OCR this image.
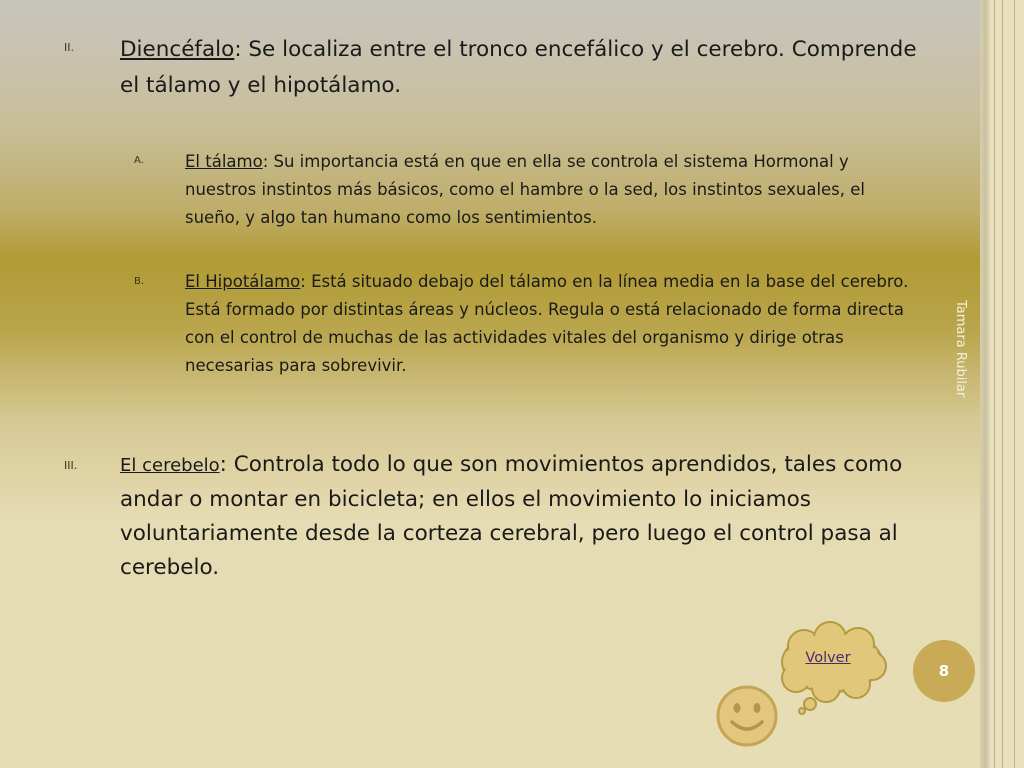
Tamara Rubilar
II. Diencéfalo: Se localiza entre el tronco encefálico y el cerebro. Comprende el tálamo y el hipotálamo.

A. El tálamo: Su importancia está en que en ella se controla el sistema Hormonal y nuestros instintos más básicos, como el hambre o la sed, los instintos sexuales, el sueño, y algo tan humano como los sentimientos.

B. El Hipotálamo: Está situado debajo del tálamo en la línea media en la base del cerebro. Está formado por distintas áreas y núcleos. Regula o está relacionado de forma directa con el control de muchas de las actividades vitales del organismo y dirige otras necesarias para sobrevivir.

III. El cerebelo: Controla todo lo que son movimientos aprendidos, tales como andar o montar en bicicleta; en ellos el movimiento lo iniciamos voluntariamente desde la corteza cerebral, pero luego el control pasa al cerebelo.

Volver
8
